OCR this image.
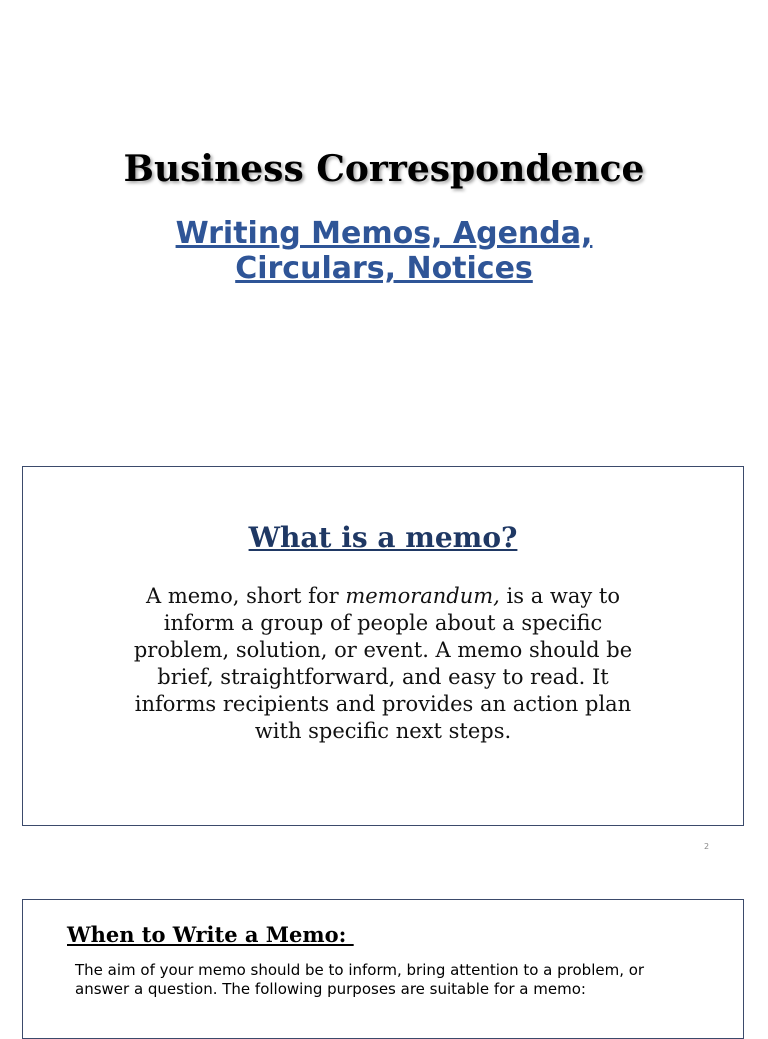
Business Correspondence
Writing Memos, Agenda,
Circulars, Notices
What is a memo?

A memo, short for memorandum, is a way to inform a group of people about a specific problem, solution, or event. A memo should be brief, straightforward, and easy to read. It informs recipients and provides an action plan with specific next steps.

2
When to Write a Memo:

The aim of your memo should be to inform, bring attention to a problem, or answer a question. The following purposes are suitable for a memo:
